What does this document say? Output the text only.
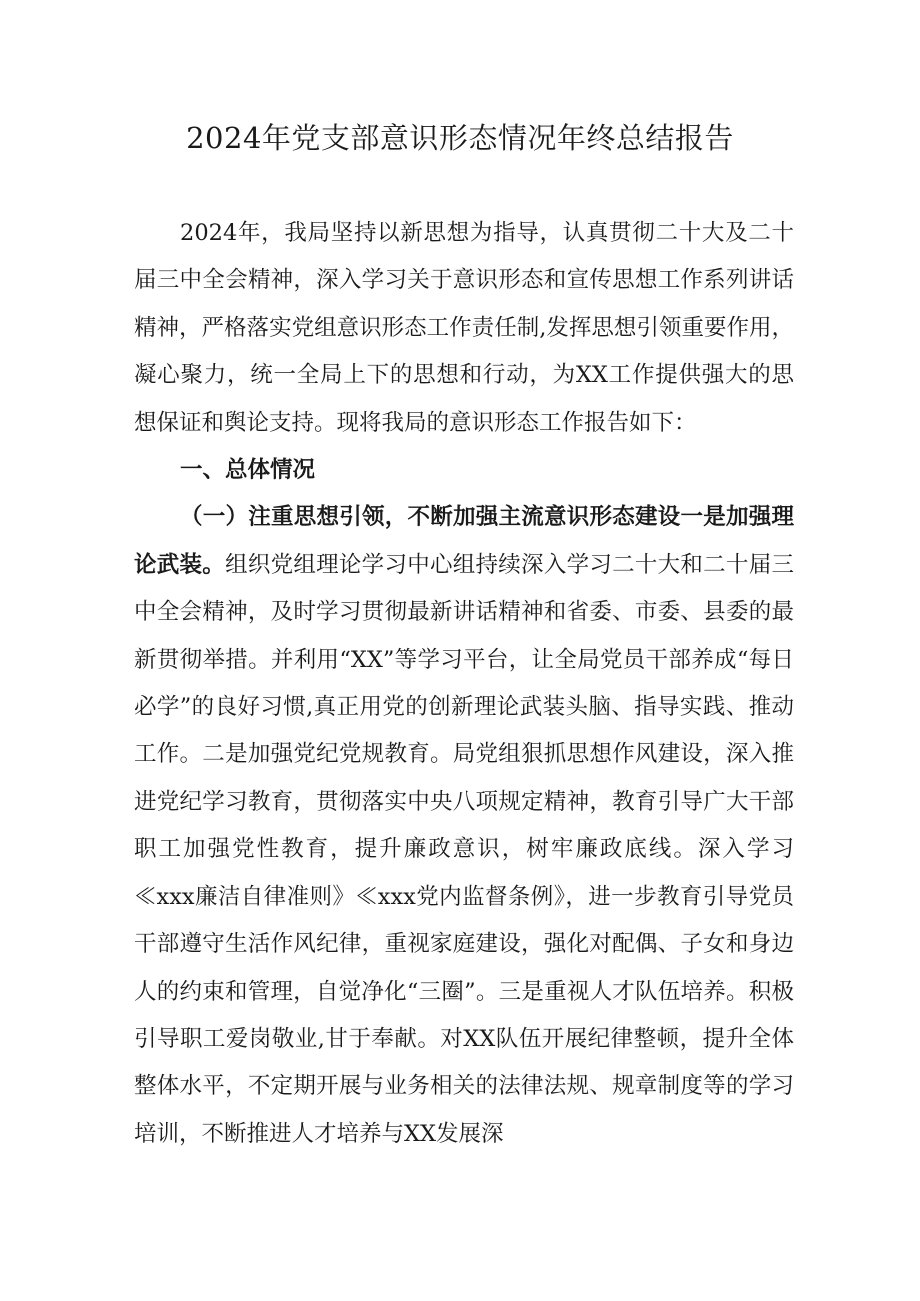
2024年党支部意识形态情况年终总结报告

2024年，我局坚持以新思想为指导，认真贯彻二十大及二十届三中全会精神，深入学习关于意识形态和宣传思想工作系列讲话精神，严格落实党组意识形态工作责任制,发挥思想引领重要作用，凝心聚力，统一全局上下的思想和行动，为XX工作提供强大的思想保证和舆论支持。现将我局的意识形态工作报告如下：

一、总体情况

（一）注重思想引领，不断加强主流意识形态建设一是加强理论武装。组织党组理论学习中心组持续深入学习二十大和二十届三中全会精神，及时学习贯彻最新讲话精神和省委、市委、县委的最新贯彻举措。并利用“XX”等学习平台，让全局党员干部养成“每日必学”的良好习惯,真正用党的创新理论武装头脑、指导实践、推动工作。二是加强党纪党规教育。局党组狠抓思想作风建设，深入推进党纪学习教育，贯彻落实中央八项规定精神，教育引导广大干部职工加强党性教育，提升廉政意识，树牢廉政底线。深入学习≪xxx廉洁自律准则》≪xxx党内监督条例》，进一步教育引导党员干部遵守生活作风纪律，重视家庭建设，强化对配偶、子女和身边人的约束和管理，自觉净化“三圈”。三是重视人才队伍培养。积极引导职工爱岗敬业,甘于奉献。对XX队伍开展纪律整顿，提升全体整体水平，不定期开展与业务相关的法律法规、规章制度等的学习培训，不断推进人才培养与XX发展深
